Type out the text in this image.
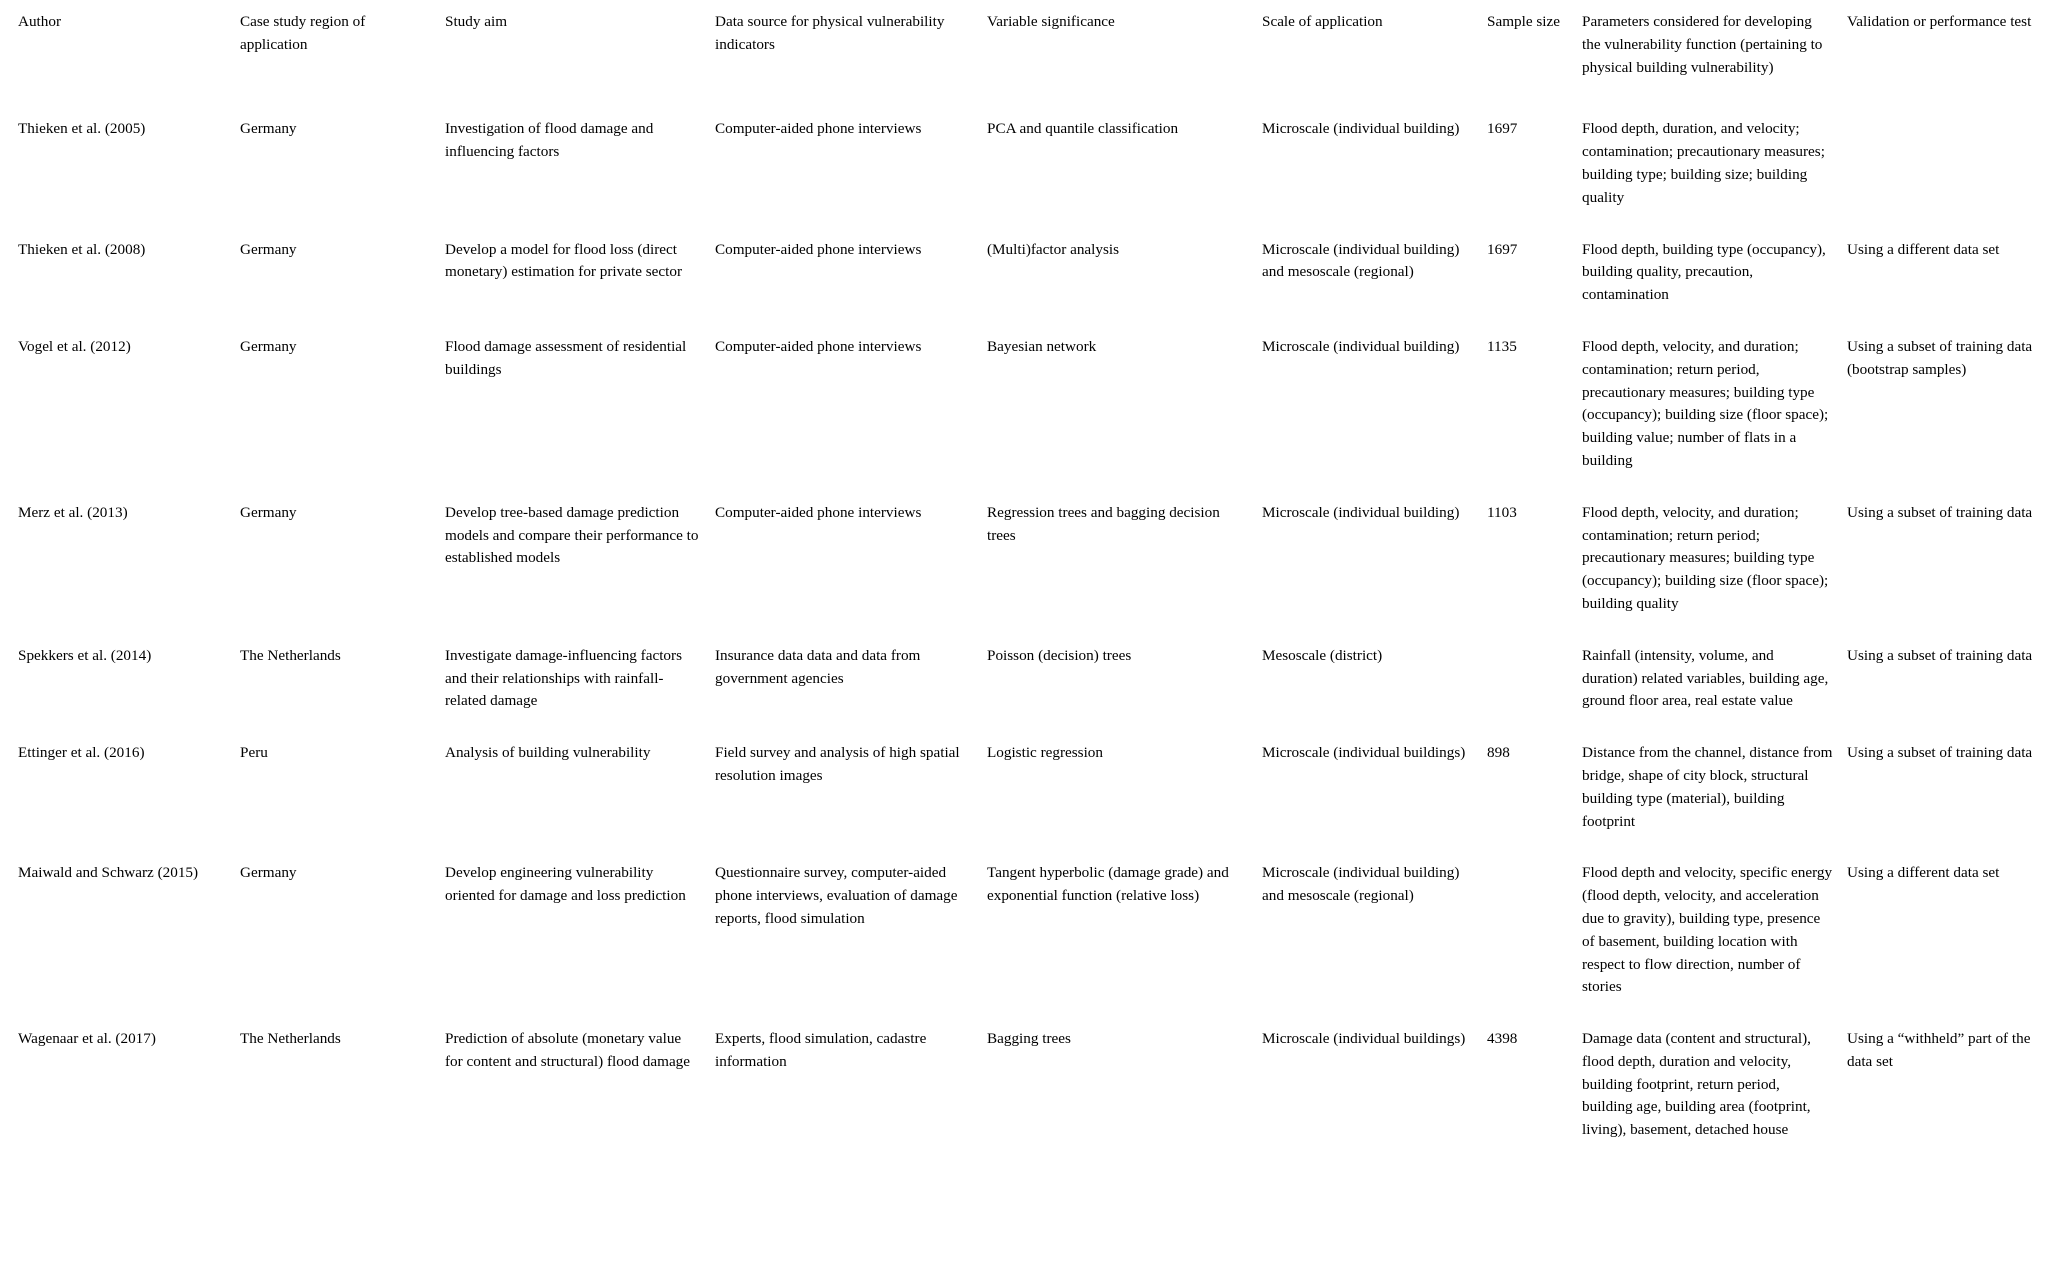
Author	Case study region of application	Study aim	Data source for physical vulnerability indicators	Variable significance	Scale of application	Sample size	Parameters considered for developing the vulnerability function (pertaining to physical building vulnerability)	Validation or performance test
Thieken et al. (2005)	Germany	Investigation of flood damage and influencing factors	Computer-aided phone interviews	PCA and quantile classification	Microscale (individual building)	1697	Flood depth, duration, and velocity; contamination; precautionary measures; building type; building size; building quality	
Thieken et al. (2008)	Germany	Develop a model for flood loss (direct monetary) estimation for private sector	Computer-aided phone interviews	(Multi)factor analysis	Microscale (individual building) and mesoscale (regional)	1697	Flood depth, building type (occupancy), building quality, precaution, contamination	Using a different data set
Vogel et al. (2012)	Germany	Flood damage assessment of residential buildings	Computer-aided phone interviews	Bayesian network	Microscale (individual building)	1135	Flood depth, velocity, and duration; contamination; return period, precautionary measures; building type (occupancy); building size (floor space); building value; number of flats in a building	Using a subset of training data (bootstrap samples)
Merz et al. (2013)	Germany	Develop tree-based damage prediction models and compare their performance to established models	Computer-aided phone interviews	Regression trees and bagging decision trees	Microscale (individual building)	1103	Flood depth, velocity, and duration; contamination; return period; precautionary measures; building type (occupancy); building size (floor space); building quality	Using a subset of training data
Spekkers et al. (2014)	The Netherlands	Investigate damage-influencing factors and their relationships with rainfall-related damage	Insurance data data and data from government agencies	Poisson (decision) trees	Mesoscale (district)		Rainfall (intensity, volume, and duration) related variables, building age, ground floor area, real estate value	Using a subset of training data
Ettinger et al. (2016)	Peru	Analysis of building vulnerability	Field survey and analysis of high spatial resolution images	Logistic regression	Microscale (individual buildings)	898	Distance from the channel, distance from bridge, shape of city block, structural building type (material), building footprint	Using a subset of training data
Maiwald and Schwarz (2015)	Germany	Develop engineering vulnerability oriented for damage and loss prediction	Questionnaire survey, computer-aided phone interviews, evaluation of damage reports, flood simulation	Tangent hyperbolic (damage grade) and exponential function (relative loss)	Microscale (individual building) and mesoscale (regional)		Flood depth and velocity, specific energy (flood depth, velocity, and acceleration due to gravity), building type, presence of basement, building location with respect to flow direction, number of stories	Using a different data set
Wagenaar et al. (2017)	The Netherlands	Prediction of absolute (monetary value for content and structural) flood damage	Experts, flood simulation, cadastre information	Bagging trees	Microscale (individual buildings)	4398	Damage data (content and structural), flood depth, duration and velocity, building footprint, return period, building age, building area (footprint, living), basement, detached house	Using a “withheld” part of the data set
